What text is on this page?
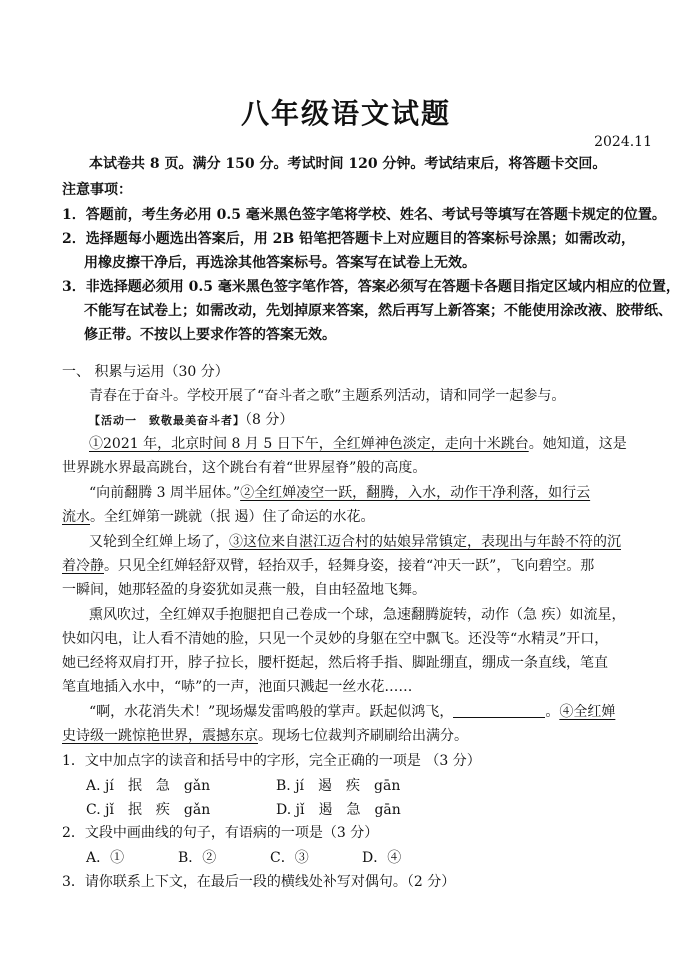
八年级语文试题
2024.11
本试卷共 8 页。满分 150 分。考试时间 120 分钟。考试结束后，将答题卡交回。
注意事项：
1．答题前，考生务必用 0.5 毫米黑色签字笔将学校、姓名、考试号等填写在答题卡规定的位置。
2．选择题每小题选出答案后，用 2B 铅笔把答题卡上对应题目的答案标号涂黑；如需改动，
用橡皮擦干净后，再选涂其他答案标号。答案写在试卷上无效。
3．非选择题必须用 0.5 毫米黑色签字笔作答，答案必须写在答题卡各题目指定区域内相应的位置，
不能写在试卷上；如需改动，先划掉原来答案，然后再写上新答案；不能使用涂改液、胶带纸、
修正带。不按以上要求作答的答案无效。
一、 积累与运用（30 分）
青春在于奋斗。学校开展了“奋斗者之歌”主题系列活动，请和同学一起参与。
【活动一　致敬最美奋斗者】（8 分）
①2021 年，北京时间 8 月 5 日下午，全红婵神色淡定，走向十米跳台。她知道，这是
世界跳水界最高跳台，这个跳台有着“世界屋脊”般的高度。
“向前翻腾 3 周半屈体。”②全红婵凌空一跃，翻腾，入水，动作干净利落，如行云
流水。全红婵第一跳就（抿 遏）住了命运的水花。
又轮到全红婵上场了，③这位来自湛江迈合村的姑娘异常镇定，表现出与年龄不符的沉
着冷静。只见全红婵轻舒双臂，轻抬双手，轻舞身姿，接着“冲天一跃”，飞向碧空。那
一瞬间，她那轻盈的身姿犹如灵燕一般，自由轻盈地飞舞。
熏风吹过，全红婵双手抱腿把自己卷成一个球，急速翻腾旋转，动作（急 疾）如流星，
快如闪电，让人看不清她的脸，只见一个灵妙的身躯在空中飘飞。还没等“水精灵”开口，
她已经将双肩打开，脖子拉长，腰杆挺起，然后将手指、脚趾绷直，绷成一条直线，笔直
笔直地插入水中，“哧”的一声，池面只溅起一丝水花……
“啊，水花消失术！”现场爆发雷鸣般的掌声。跃起似鸿飞，	。④全红婵
史诗级一跳惊艳世界，震撼东京。现场七位裁判齐刷刷给出满分。
1．文中加点字的读音和括号中的字形，完全正确的一项是 （3 分）
A. jí　抿　急　gǎn	B. jí　遏　疾　gān
C. jǐ　抿　疾　gǎn	D. jǐ　遏　急　gān
2．文段中画曲线的句子，有语病的一项是（3 分）
A．①	B．②	C．③	D．④
3．请你联系上下文，在最后一段的横线处补写对偶句。（2 分）
